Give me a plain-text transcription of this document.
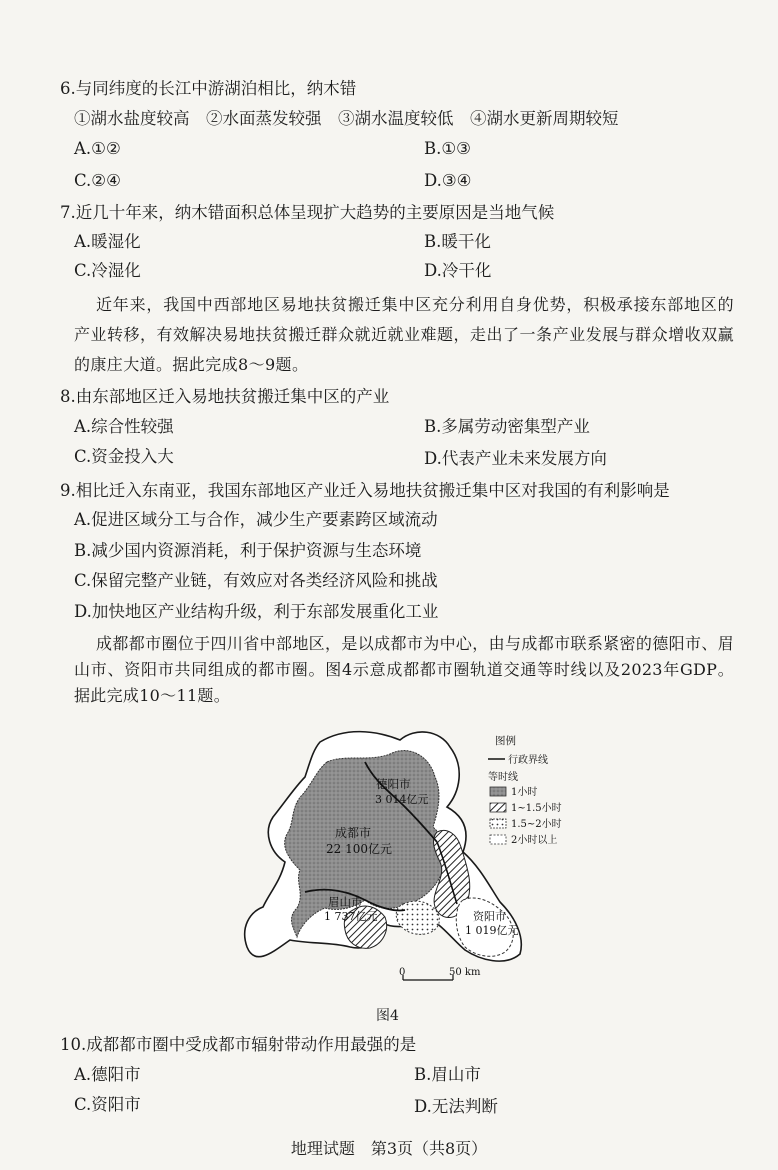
6.与同纬度的长江中游湖泊相比，纳木错
①湖水盐度较高　②水面蒸发较强　③湖水温度较低　④湖水更新周期较短
A.①②	B.①③
C.②④	D.③④
7.近几十年来，纳木错面积总体呈现扩大趋势的主要原因是当地气候
A.暖湿化	B.暖干化
C.冷湿化	D.冷干化
近年来，我国中西部地区易地扶贫搬迁集中区充分利用自身优势，积极承接东部地区的产业转移，有效解决易地扶贫搬迁群众就近就业难题，走出了一条产业发展与群众增收双赢的康庄大道。据此完成8～9题。
8.由东部地区迁入易地扶贫搬迁集中区的产业
A.综合性较强	B.多属劳动密集型产业
C.资金投入大	D.代表产业未来发展方向
9.相比迁入东南亚，我国东部地区产业迁入易地扶贫搬迁集中区对我国的有利影响是
A.促进区域分工与合作，减少生产要素跨区域流动
B.减少国内资源消耗，利于保护资源与生态环境
C.保留完整产业链，有效应对各类经济风险和挑战
D.加快地区产业结构升级，利于东部发展重化工业
成都都市圈位于四川省中部地区，是以成都市为中心，由与成都市联系紧密的德阳市、眉山市、资阳市共同组成的都市圈。图4示意成都都市圈轨道交通等时线以及2023年GDP。据此完成10～11题。
德阳市
3 014亿元
成都市
22 100亿元
眉山市
1 737亿元	资阳市
1 019亿元
0	50 km
图例
行政界线
等时线
1小时
1~1.5小时
1.5~2小时
2小时以上
图4
10.成都都市圈中受成都市辐射带动作用最强的是
A.德阳市	B.眉山市
C.资阳市	D.无法判断
地理试题　第3页（共8页）
